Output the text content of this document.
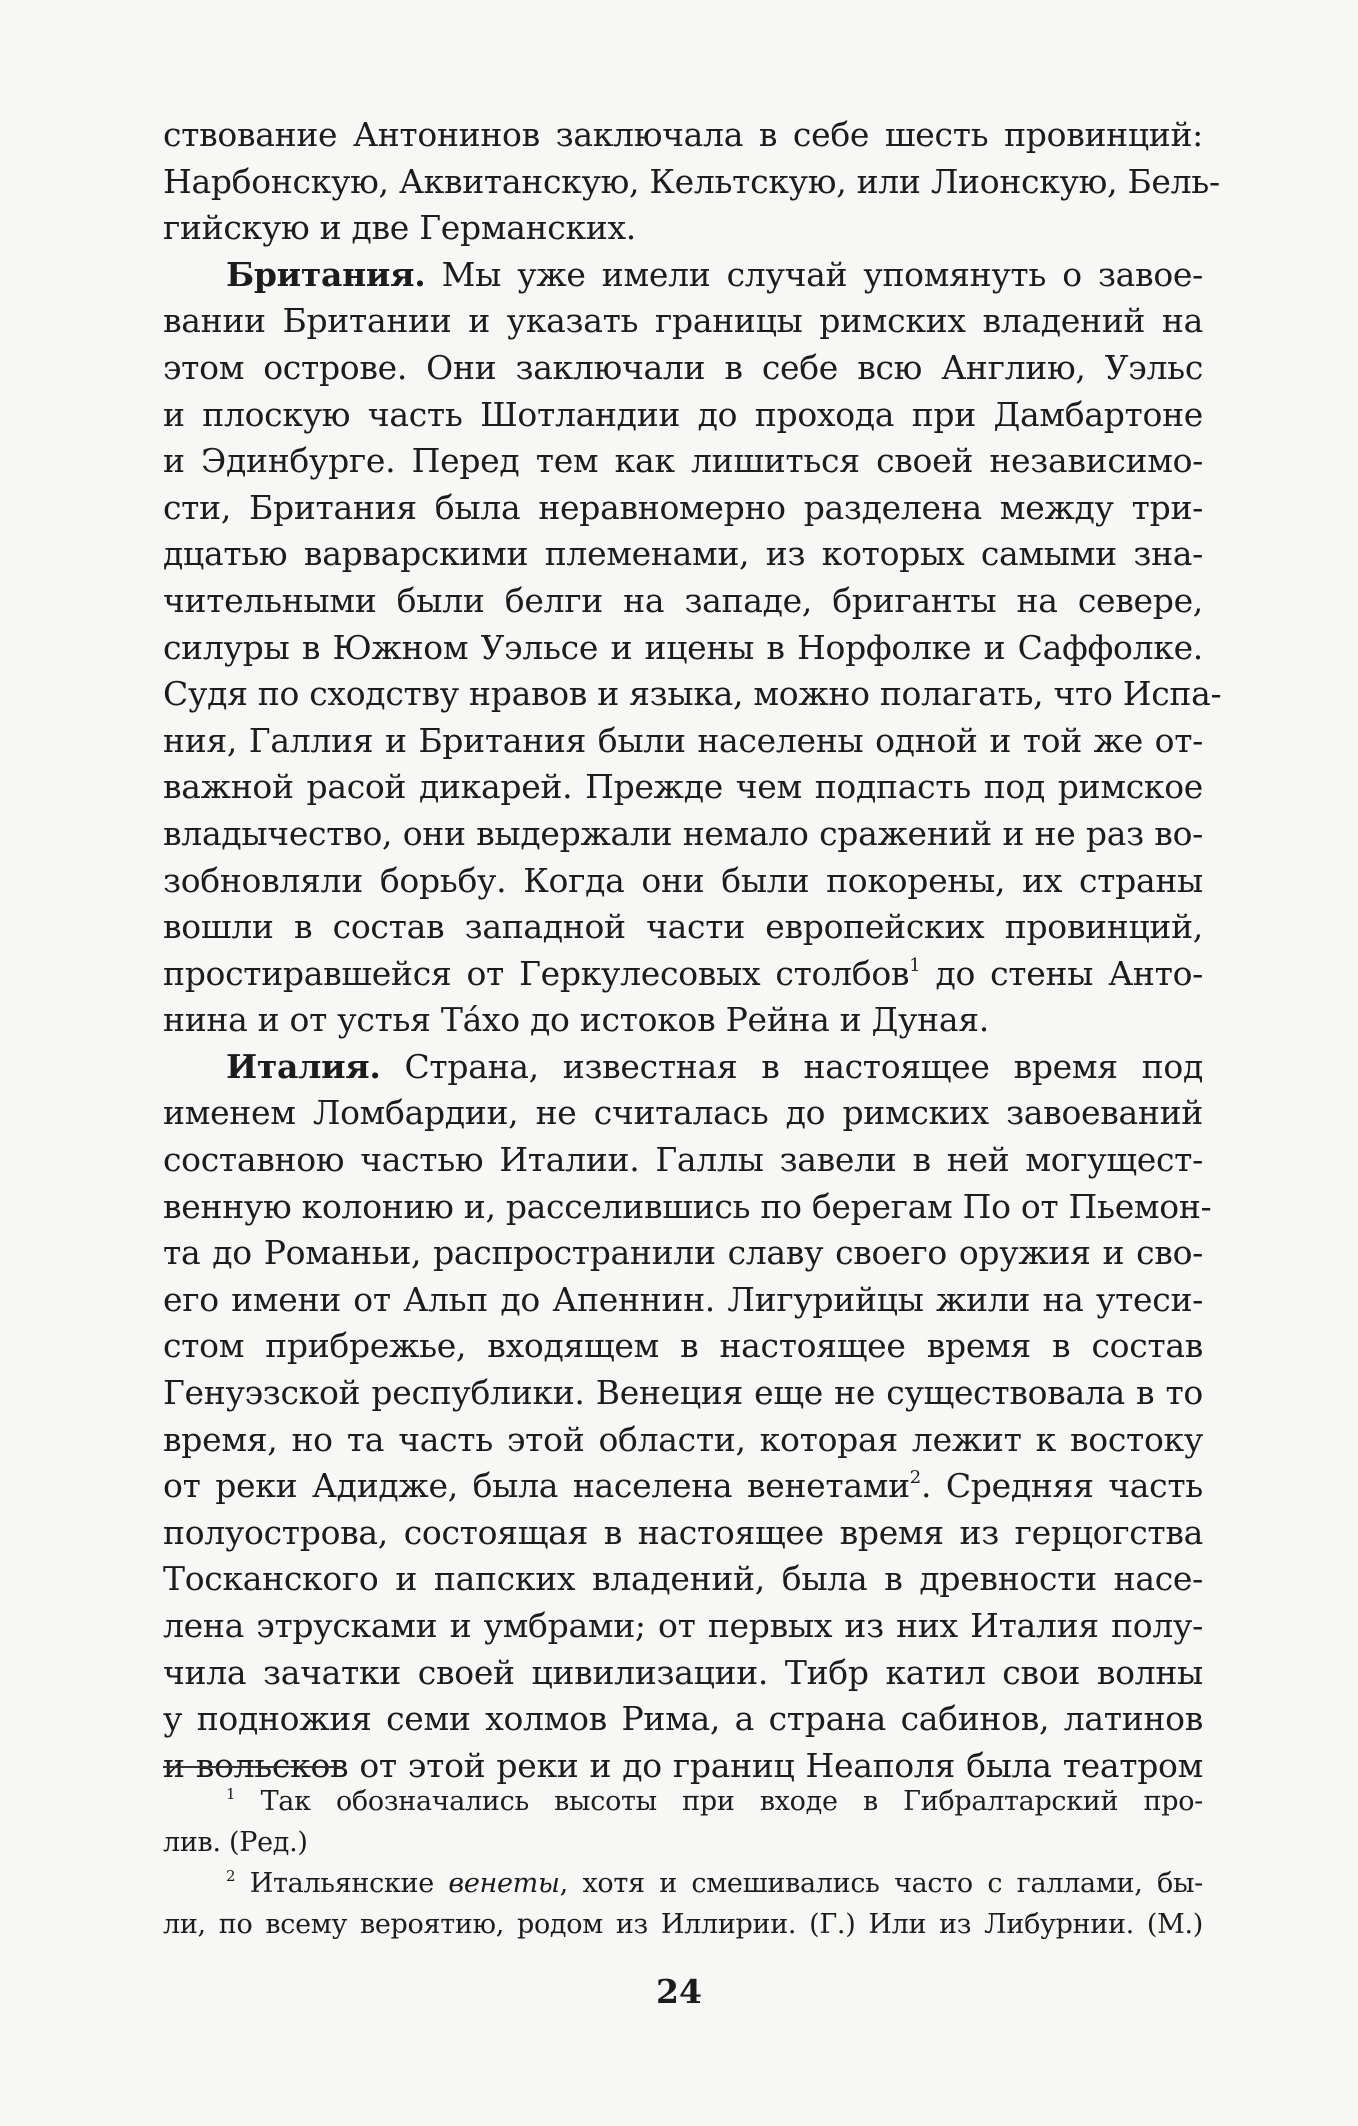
ствование Антонинов заключала в себе шесть провинций:
Нарбонскую, Аквитанскую, Кельтскую, или Лионскую, Бель-
гийскую и две Германских.
Британия. Мы уже имели случай упомянуть о завое-
вании Британии и указать границы римских владений на
этом острове. Они заключали в себе всю Англию, Уэльс
и плоскую часть Шотландии до прохода при Дамбартоне
и Эдинбурге. Перед тем как лишиться своей независимо-
сти, Британия была неравномерно разделена между три-
дцатью варварскими племенами, из которых самыми зна-
чительными были белги на западе, бриганты на севере,
силуры в Южном Уэльсе и ицены в Норфолке и Саффолке.
Судя по сходству нравов и языка, можно полагать, что Испа-
ния, Галлия и Британия были населены одной и той же от-
важной расой дикарей. Прежде чем подпасть под римское
владычество, они выдержали немало сражений и не раз во-
зобновляли борьбу. Когда они были покорены, их страны
вошли в состав западной части европейских провинций,
простиравшейся от Геркулесовых столбов$^1$ до стены Анто-
нина и от устья Та́хо до истоков Рейна и Дуная.
Италия. Страна, известная в настоящее время под
именем Ломбардии, не считалась до римских завоеваний
составною частью Италии. Галлы завели в ней могущест-
венную колонию и, расселившись по берегам По от Пьемон-
та до Романьи, распространили славу своего оружия и сво-
его имени от Альп до Апеннин. Лигурийцы жили на утеси-
стом прибрежье, входящем в настоящее время в состав
Генуэзской республики. Венеция еще не существовала в то
время, но та часть этой области, которая лежит к востоку
от реки Адидже, была населена венетами$^2$. Средняя часть
полуострова, состоящая в настоящее время из герцогства
Тосканского и папских владений, была в древности насе-
лена этрусками и умбрами; от первых из них Италия полу-
чила зачатки своей цивилизации. Тибр катил свои волны
у подножия семи холмов Рима, а страна сабинов, латинов
и вольсков от этой реки и до границ Неаполя была театром
$^1$ Так обозначались высоты при входе в Гибралтарский про-
лив. (Ред.)
$^2$ Итальянские венеты, хотя и смешивались часто с галлами, бы-
ли, по всему вероятию, родом из Иллирии. (Г.) Или из Либурнии. (М.)
24
